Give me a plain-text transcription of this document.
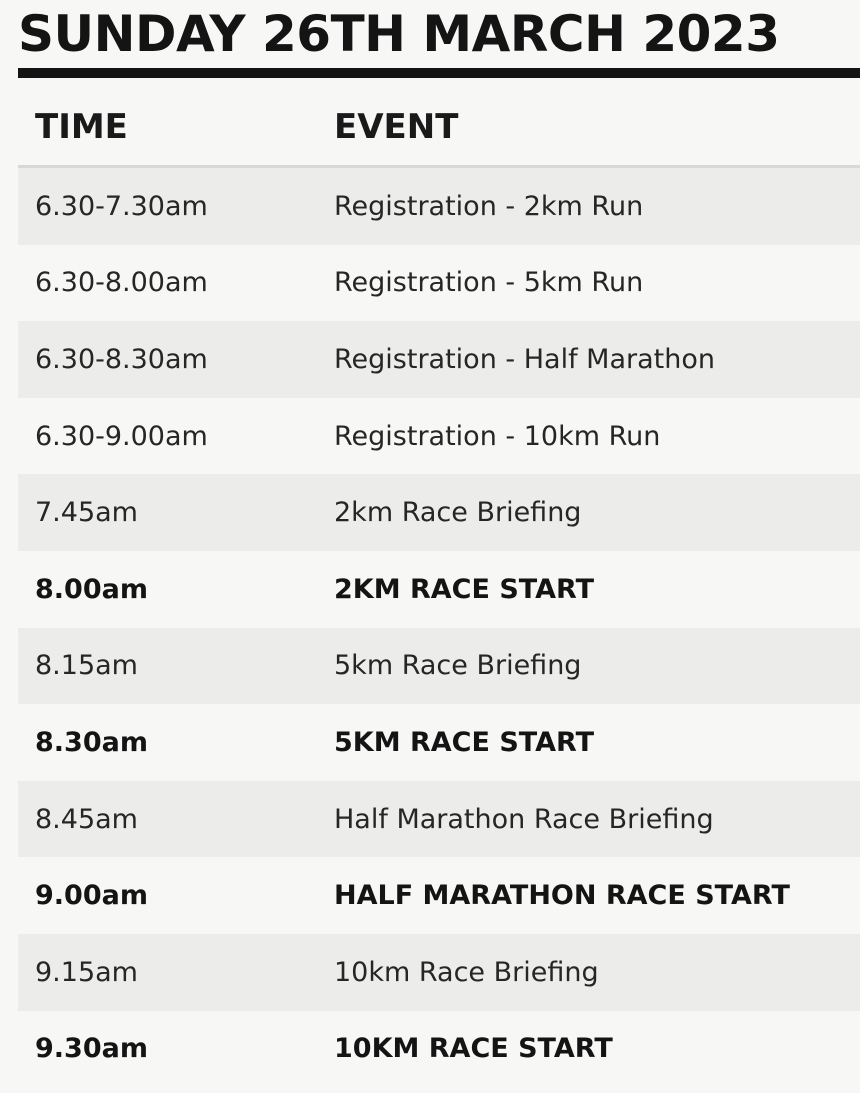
SUNDAY 26TH MARCH 2023
TIME	EVENT
6.30-7.30am	Registration - 2km Run
6.30-8.00am	Registration - 5km Run
6.30-8.30am	Registration - Half Marathon
6.30-9.00am	Registration - 10km Run
7.45am	2km Race Briefing
8.00am	2KM RACE START
8.15am	5km Race Briefing
8.30am	5KM RACE START
8.45am	Half Marathon Race Briefing
9.00am	HALF MARATHON RACE START
9.15am	10km Race Briefing
9.30am	10KM RACE START
